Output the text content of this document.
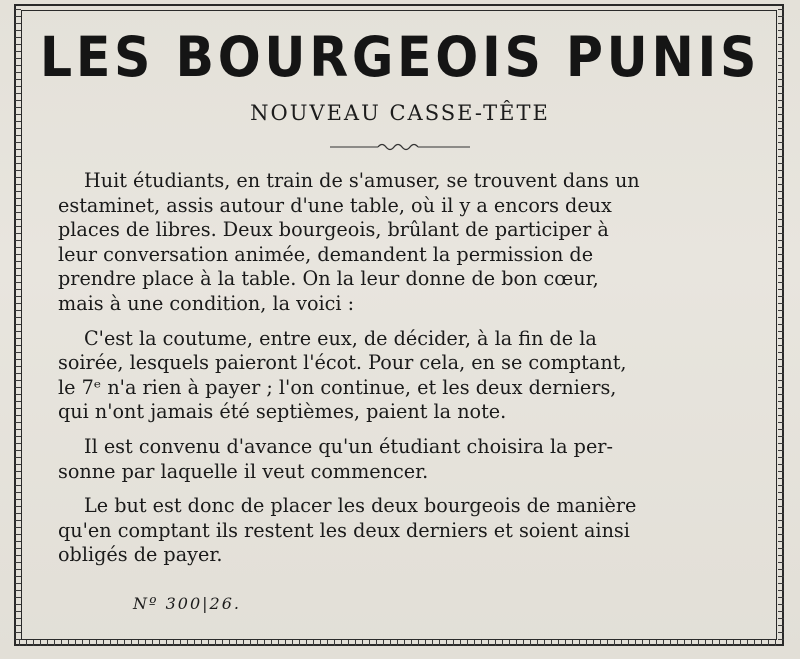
LES BOURGEOIS PUNIS
NOUVEAU CASSE-TÊTE
Huit étudiants, en train de s'amuser, se trouvent dans un
estaminet, assis autour d'une table, où il y a encors deux
places de libres. Deux bourgeois, brûlant de participer à
leur conversation animée, demandent la permission de
prendre place à la table. On la leur donne de bon cœur,
mais à une condition, la voici :
C'est la coutume, entre eux, de décider, à la fin de la
soirée, lesquels paieront l'écot. Pour cela, en se comptant,
le 7ᵉ n'a rien à payer ; l'on continue, et les deux derniers,
qui n'ont jamais été septièmes, paient la note.
Il est convenu d'avance qu'un étudiant choisira la per-
sonne par laquelle il veut commencer.
Le but est donc de placer les deux bourgeois de manière
qu'en comptant ils restent les deux derniers et soient ainsi
obligés de payer.
Nº 300|26.
